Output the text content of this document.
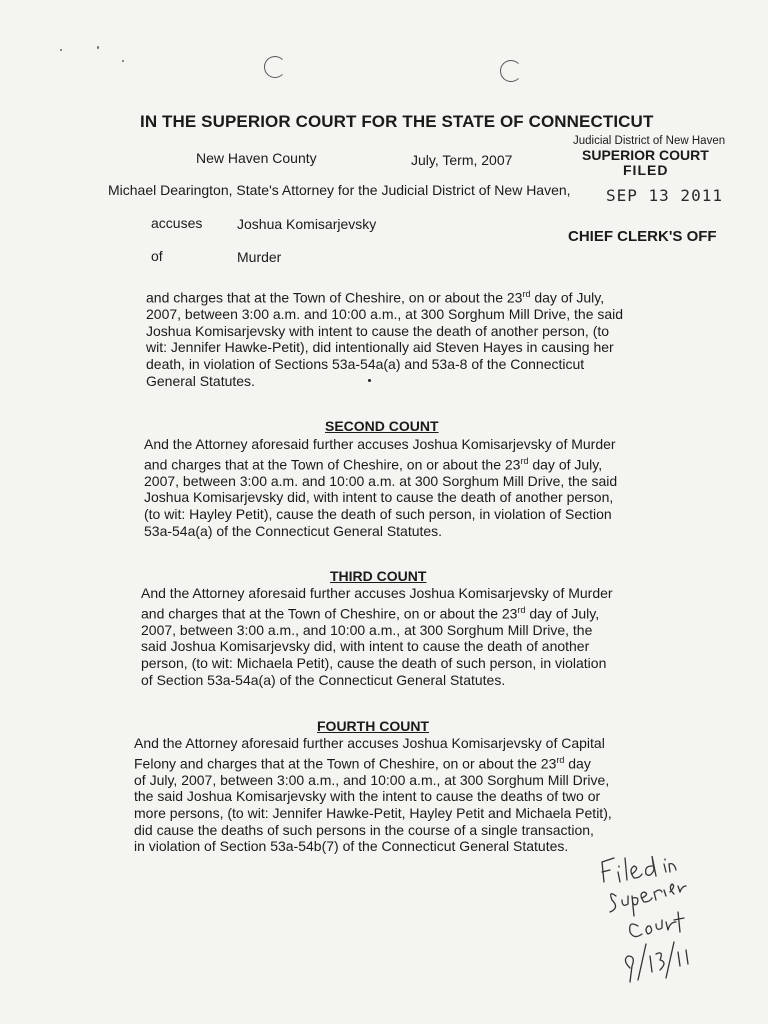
IN THE SUPERIOR COURT FOR THE STATE OF CONNECTICUT
Judicial District of New Haven
SUPERIOR COURT
FILED
New Haven County	July, Term, 2007
Michael Dearington, State's Attorney for the Judicial District of New Haven, SEP 13 2011
accuses Joshua Komisarjevsky
CHIEF CLERK'S OFF
of	Murder
and charges that at the Town of Cheshire, on or about the 23rd day of July,
2007, between 3:00 a.m. and 10:00 a.m., at 300 Sorghum Mill Drive, the said
Joshua Komisarjevsky with intent to cause the death of another person, (to
wit: Jennifer Hawke-Petit), did intentionally aid Steven Hayes in causing her
death, in violation of Sections 53a-54a(a) and 53a-8 of the Connecticut
General Statutes.
SECOND COUNT
And the Attorney aforesaid further accuses Joshua Komisarjevsky of Murder
and charges that at the Town of Cheshire, on or about the 23rd day of July,
2007, between 3:00 a.m. and 10:00 a.m. at 300 Sorghum Mill Drive, the said
Joshua Komisarjevsky did, with intent to cause the death of another person,
(to wit: Hayley Petit), cause the death of such person, in violation of Section
53a-54a(a) of the Connecticut General Statutes.
THIRD COUNT
And the Attorney aforesaid further accuses Joshua Komisarjevsky of Murder
and charges that at the Town of Cheshire, on or about the 23rd day of July,
2007, between 3:00 a.m., and 10:00 a.m., at 300 Sorghum Mill Drive, the
said Joshua Komisarjevsky did, with intent to cause the death of another
person, (to wit: Michaela Petit), cause the death of such person, in violation
of Section 53a-54a(a) of the Connecticut General Statutes.
FOURTH COUNT
And the Attorney aforesaid further accuses Joshua Komisarjevsky of Capital
Felony and charges that at the Town of Cheshire, on or about the 23rd day
of July, 2007, between 3:00 a.m., and 10:00 a.m., at 300 Sorghum Mill Drive,
the said Joshua Komisarjevsky with the intent to cause the deaths of two or
more persons, (to wit: Jennifer Hawke-Petit, Hayley Petit and Michaela Petit),
did cause the deaths of such persons in the course of a single transaction,
in violation of Section 53a-54b(7) of the Connecticut General Statutes.
